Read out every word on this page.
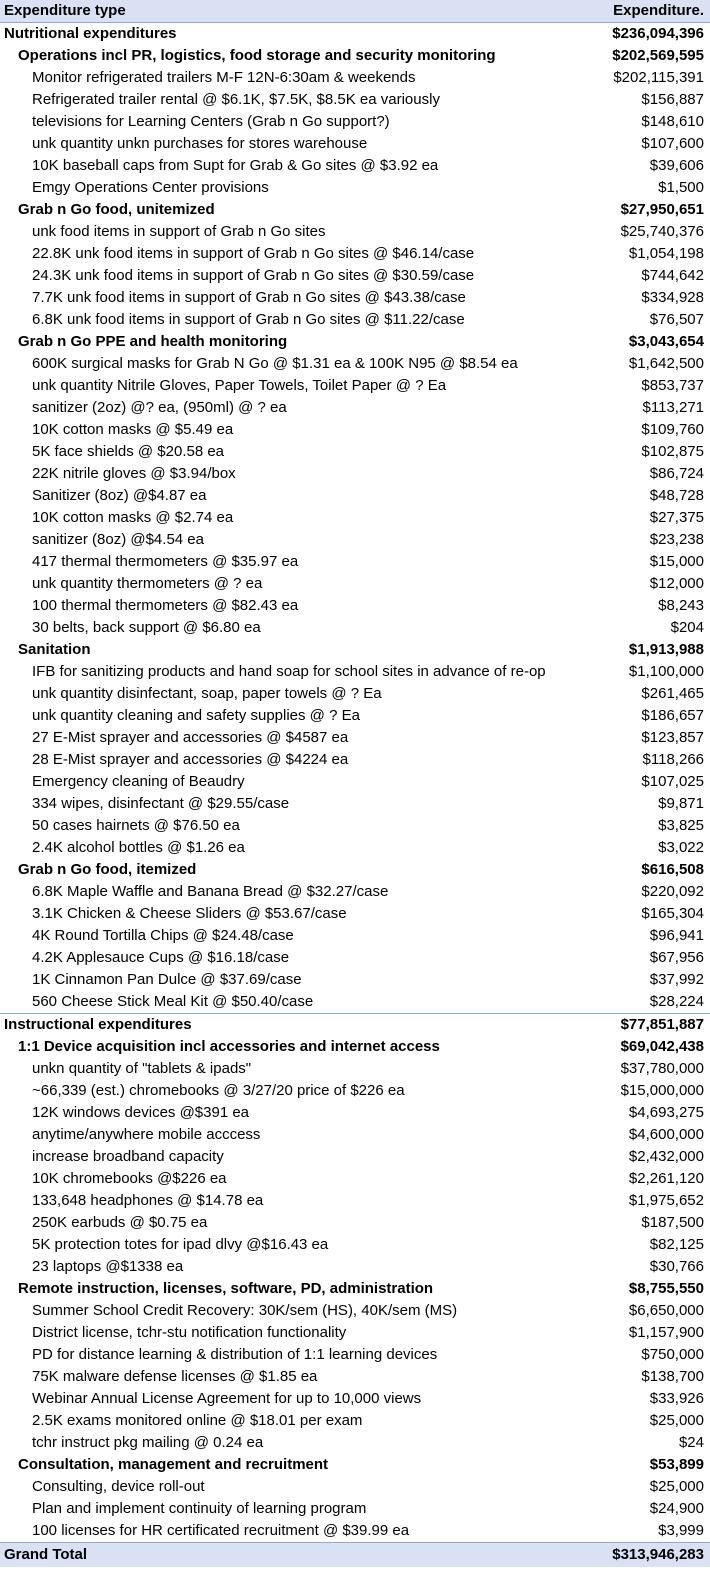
Expenditure type	Expenditure.
Nutritional expenditures	$236,094,396
Operations incl PR, logistics, food storage and security monitoring	$202,569,595
Monitor refrigerated trailers M-F 12N-6:30am & weekends	$202,115,391
Refrigerated trailer rental @ $6.1K, $7.5K, $8.5K ea variously	$156,887
televisions for Learning Centers (Grab n Go support?)	$148,610
unk quantity unkn purchases for stores warehouse	$107,600
10K baseball caps from Supt for Grab & Go sites @ $3.92 ea	$39,606
Emgy Operations Center provisions	$1,500
Grab n Go food, unitemized	$27,950,651
unk food items in support of Grab n Go sites	$25,740,376
22.8K unk food items in support of Grab n Go sites @ $46.14/case	$1,054,198
24.3K unk food items in support of Grab n Go sites @ $30.59/case	$744,642
7.7K unk food items in support of Grab n Go sites @ $43.38/case	$334,928
6.8K unk food items in support of Grab n Go sites @ $11.22/case	$76,507
Grab n Go PPE and health monitoring	$3,043,654
600K surgical masks for Grab N Go @ $1.31 ea & 100K N95 @ $8.54 ea	$1,642,500
unk quantity Nitrile Gloves, Paper Towels, Toilet Paper @ ? Ea	$853,737
sanitizer (2oz) @? ea, (950ml) @ ? ea	$113,271
10K cotton masks @ $5.49 ea	$109,760
5K face shields @ $20.58 ea	$102,875
22K nitrile gloves @ $3.94/box	$86,724
Sanitizer (8oz) @$4.87 ea	$48,728
10K cotton masks @ $2.74 ea	$27,375
sanitizer (8oz) @$4.54 ea	$23,238
417 thermal thermometers @ $35.97 ea	$15,000
unk quantity thermometers @ ? ea	$12,000
100 thermal thermometers @ $82.43 ea	$8,243
30 belts, back support @ $6.80 ea	$204
Sanitation	$1,913,988
IFB for sanitizing products and hand soap for school sites in advance of re-op	$1,100,000
unk quantity disinfectant, soap, paper towels @ ? Ea	$261,465
unk quantity cleaning and safety supplies @ ? Ea	$186,657
27 E-Mist sprayer and accessories @ $4587 ea	$123,857
28 E-Mist sprayer and accessories @ $4224 ea	$118,266
Emergency cleaning of Beaudry	$107,025
334 wipes, disinfectant @ $29.55/case	$9,871
50 cases hairnets @ $76.50 ea	$3,825
2.4K alcohol bottles @ $1.26 ea	$3,022
Grab n Go food, itemized	$616,508
6.8K Maple Waffle and Banana Bread @ $32.27/case	$220,092
3.1K Chicken & Cheese Sliders @ $53.67/case	$165,304
4K Round Tortilla Chips @ $24.48/case	$96,941
4.2K Applesauce Cups @ $16.18/case	$67,956
1K Cinnamon Pan Dulce @ $37.69/case	$37,992
560 Cheese Stick Meal Kit @ $50.40/case	$28,224
Instructional expenditures	$77,851,887
1:1 Device acquisition incl accessories and internet access	$69,042,438
unkn quantity of "tablets & ipads"	$37,780,000
~66,339 (est.) chromebooks @ 3/27/20 price of $226 ea	$15,000,000
12K windows devices @$391 ea	$4,693,275
anytime/anywhere mobile acccess	$4,600,000
increase broadband capacity	$2,432,000
10K chromebooks @$226 ea	$2,261,120
133,648 headphones @ $14.78 ea	$1,975,652
250K earbuds @ $0.75 ea	$187,500
5K protection totes for ipad dlvy @$16.43 ea	$82,125
23 laptops @$1338 ea	$30,766
Remote instruction, licenses, software, PD, administration	$8,755,550
Summer School Credit Recovery: 30K/sem (HS), 40K/sem (MS)	$6,650,000
District license, tchr-stu notification functionality	$1,157,900
PD for distance learning & distribution of 1:1 learning devices	$750,000
75K malware defense licenses @ $1.85 ea	$138,700
Webinar Annual License Agreement for up to 10,000 views	$33,926
2.5K exams monitored online @ $18.01 per exam	$25,000
tchr instruct pkg mailing @ 0.24 ea	$24
Consultation, management and recruitment	$53,899
Consulting, device roll-out	$25,000
Plan and implement continuity of learning program	$24,900
100 licenses for HR certificated recruitment @ $39.99 ea	$3,999
Grand Total	$313,946,283
